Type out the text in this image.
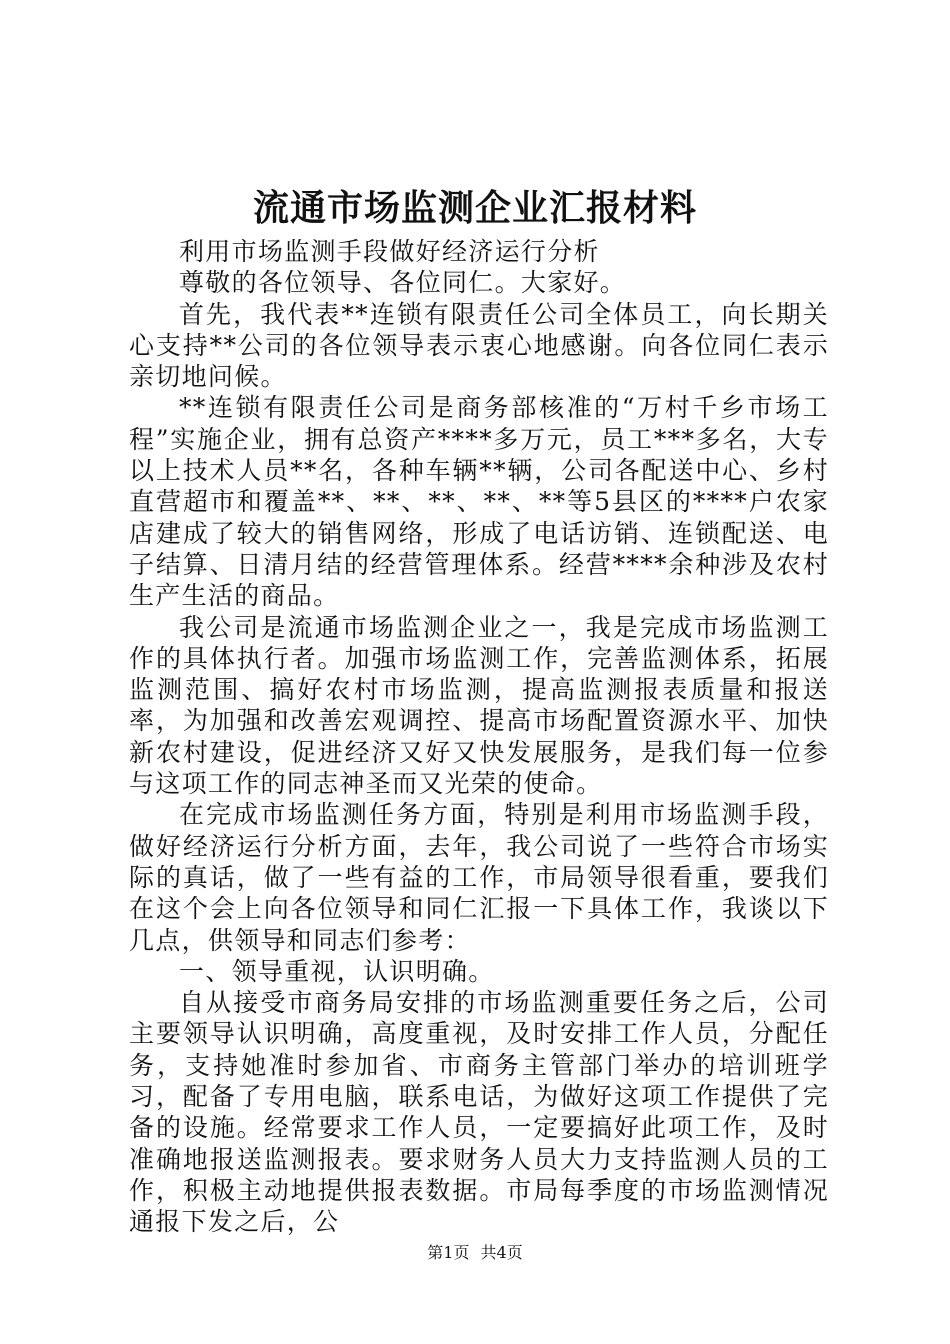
流通市场监测企业汇报材料

利用市场监测手段做好经济运行分析

尊敬的各位领导、各位同仁。大家好。

首先，我代表**连锁有限责任公司全体员工，向长期关心支持**公司的各位领导表示衷心地感谢。向各位同仁表示亲切地问候。

**连锁有限责任公司是商务部核准的“万村千乡市场工程”实施企业，拥有总资产****多万元，员工***多名，大专以上技术人员**名，各种车辆**辆，公司各配送中心、乡村直营超市和覆盖**、**、**、**、**等5县区的****户农家店建成了较大的销售网络，形成了电话访销、连锁配送、电子结算、日清月结的经营管理体系。经营****余种涉及农村生产生活的商品。

我公司是流通市场监测企业之一，我是完成市场监测工作的具体执行者。加强市场监测工作，完善监测体系，拓展监测范围、搞好农村市场监测，提高监测报表质量和报送率，为加强和改善宏观调控、提高市场配置资源水平、加快新农村建设，促进经济又好又快发展服务，是我们每一位参与这项工作的同志神圣而又光荣的使命。

在完成市场监测任务方面，特别是利用市场监测手段，做好经济运行分析方面，去年，我公司说了一些符合市场实际的真话，做了一些有益的工作，市局领导很看重，要我们在这个会上向各位领导和同仁汇报一下具体工作，我谈以下几点，供领导和同志们参考：

一、领导重视，认识明确。

自从接受市商务局安排的市场监测重要任务之后，公司主要领导认识明确，高度重视，及时安排工作人员，分配任务，支持她准时参加省、市商务主管部门举办的培训班学习，配备了专用电脑，联系电话，为做好这项工作提供了完备的设施。经常要求工作人员，一定要搞好此项工作，及时准确地报送监测报表。要求财务人员大力支持监测人员的工作，积极主动地提供报表数据。市局每季度的市场监测情况通报下发之后，公

第1页 共4页
